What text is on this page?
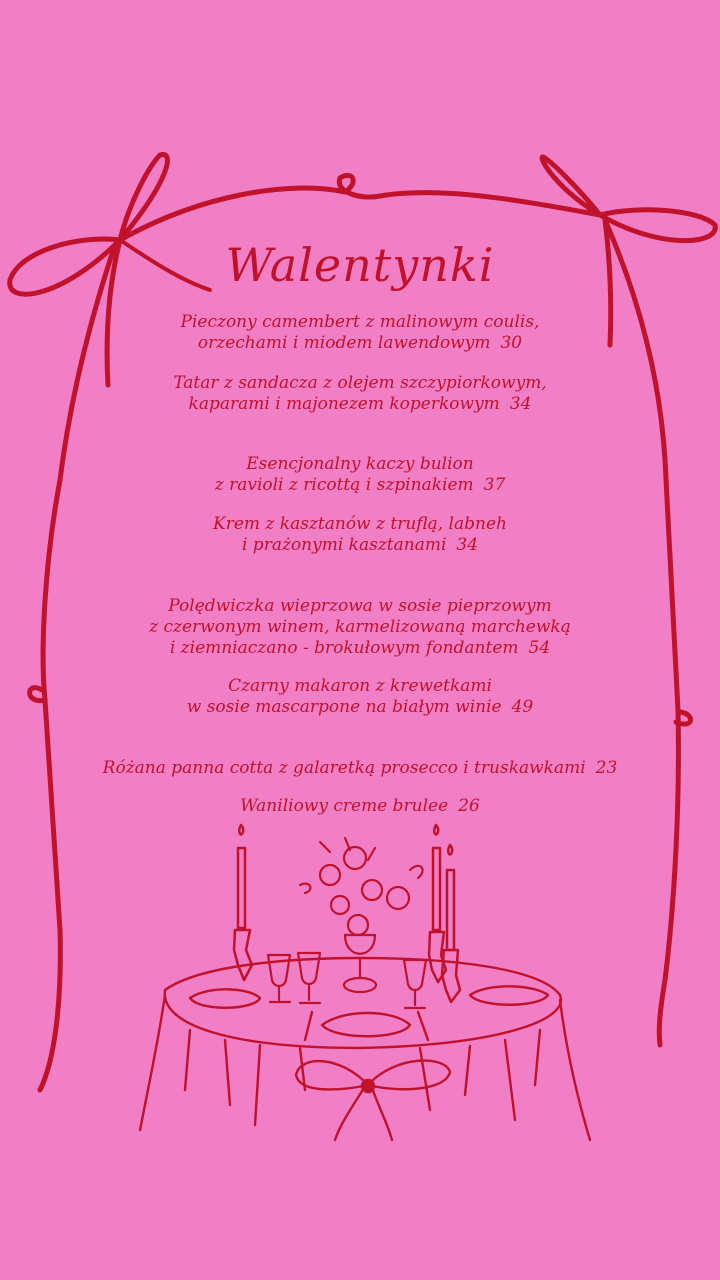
Walentynki
Pieczony camembert z malinowym coulis,
orzechami i miodem lawendowym 30
Tatar z sandacza z olejem szczypiorkowym,
kaparami i majonezem koperkowym 34
Esencjonalny kaczy bulion
z ravioli z ricottą i szpinakiem 37
Krem z kasztanów z truflą, labneh
i prażonymi kasztanami 34
Polędwiczka wieprzowa w sosie pieprzowym
z czerwonym winem, karmelizowaną marchewką
i ziemniaczano - brokułowym fondantem 54
Czarny makaron z krewetkami
w sosie mascarpone na białym winie 49
Różana panna cotta z galaretką prosecco i truskawkami 23
Waniliowy creme brulee 26
